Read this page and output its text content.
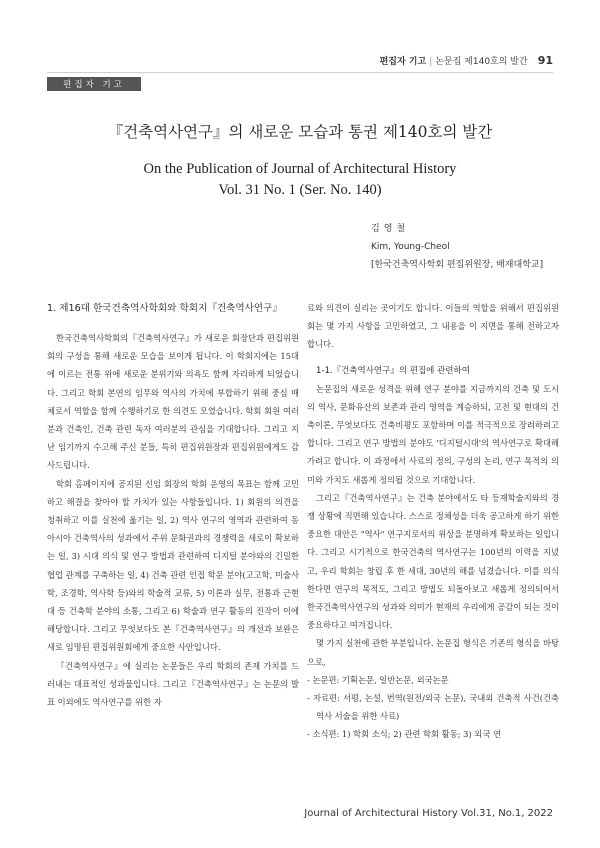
편집자 기고 | 논문집 제140호의 발간 91
편집자 기고
『건축역사연구』의 새로운 모습과 통권 제140호의 발간
On the Publication of Journal of Architectural History
Vol. 31 No. 1 (Ser. No. 140)
김영철
Kim, Young-Cheol
[한국건축역사학회 편집위원장, 배재대학교]
1. 제16대 한국건축역사학회와 학회지『건축역사연구』

한국건축역사학회의『건축역사연구』가 새로운 회장단과 편집위원회의 구성을 통해 새로운 모습을 보이게 됩니다. 이 학회지에는 15대에 이르는 전통 위에 새로운 분위기와 의욕도 함께 자리하게 되었습니다. 그리고 학회 본연의 임무와 역사의 가치에 부합하기 위해 중심 매체로서 역할을 함께 수행하기로 한 의견도 모였습니다. 학회 회원 여러분과 건축인, 건축 관련 독자 여러분의 관심을 기대합니다. 그리고 지난 임기까지 수고해 주신 분들, 특히 편집위원장과 편집위원에게도 감사드립니다.

학회 홈페이지에 공지된 신임 회장의 학회 운영의 목표는 함께 고민하고 해결을 찾아야 할 가치가 있는 사항들입니다. 1) 회원의 의견을 청취하고 이를 실천에 옮기는 일, 2) 역사 연구의 영역과 관련하여 동아시아 건축역사의 성과에서 주위 문화권과의 경쟁력을 새로이 확보하는 일, 3) 시대 의식 및 연구 방법과 관련하여 디지털 분야와의 긴밀한 협업 관계를 구축하는 일, 4) 건축 관련 인접 학문 분야(고고학, 미술사학, 조경학, 역사학 등)와의 학술적 교류, 5) 이론과 실무, 전통과 근현대 등 건축학 분야의 소통, 그리고 6) 학술과 연구 활동의 진작이 이에 해당합니다. 그리고 무엇보다도 본『건축역사연구』의 개선과 보완은 새로 임명된 편집위원회에게 중요한 사안입니다.

『건축역사연구』에 실리는 논문들은 우리 학회의 존재 가치를 드러내는 대표적인 성과물입니다. 그리고『건축역사연구』는 논문의 발표 이외에도 역사연구를 위한 자

료와 의견이 실리는 곳이기도 합니다. 이들의 역할을 위해서 편집위원회는 몇 가지 사항을 고민하였고, 그 내용을 이 지면을 통해 전하고자 합니다.

1-1.『건축역사연구』의 편집에 관련하여

논문집의 새로운 성격을 위해 연구 분야를 지금까지의 건축 및 도시의 역사, 문화유산의 보존과 관리 영역을 계승하되, 고전 및 현대의 건축이론, 무엇보다도 건축비평도 포함하며 이를 적극적으로 장려하려고 합니다. 그리고 연구 방법의 분야도 '디지털시대'의 역사연구로 확대해 가려고 합니다. 이 과정에서 사료의 정의, 구성의 논리, 연구 목적의 의미와 가치도 새롭게 정의될 것으로 기대합니다.

그리고『건축역사연구』는 건축 분야에서도 타 등재학술지와의 경쟁 상황에 직면해 있습니다. 스스로 정체성을 더욱 공고하게 하기 위한 중요한 대안은 "역사" 연구지로서의 위상을 분명하게 확보하는 일입니다. 그리고 시기적으로 한국건축의 역사연구는 100년의 이력을 지녔고, 우리 학회는 창립 후 한 세대, 30년의 해를 넘겼습니다. 이를 의식한다면 연구의 목적도, 그리고 방법도 되돌아보고 새롭게 정의되어서 한국건축역사연구의 성과와 의미가 현재의 우리에게 공감이 되는 것이 중요하다고 여겨집니다.

몇 가지 실천에 관한 부분입니다. 논문집 형식은 기존의 형식을 바탕으로,

- 논문편: 기획논문, 일반논문, 외국논문
- 자료편: 서평, 논설, 번역(원전/외국 논문), 국내외 건축적 사건(건축역사 서술을 위한 사료)
- 소식편: 1) 학회 소식; 2) 관련 학회 활동; 3) 외국 연
Journal of Architectural History Vol.31, No.1, 2022
